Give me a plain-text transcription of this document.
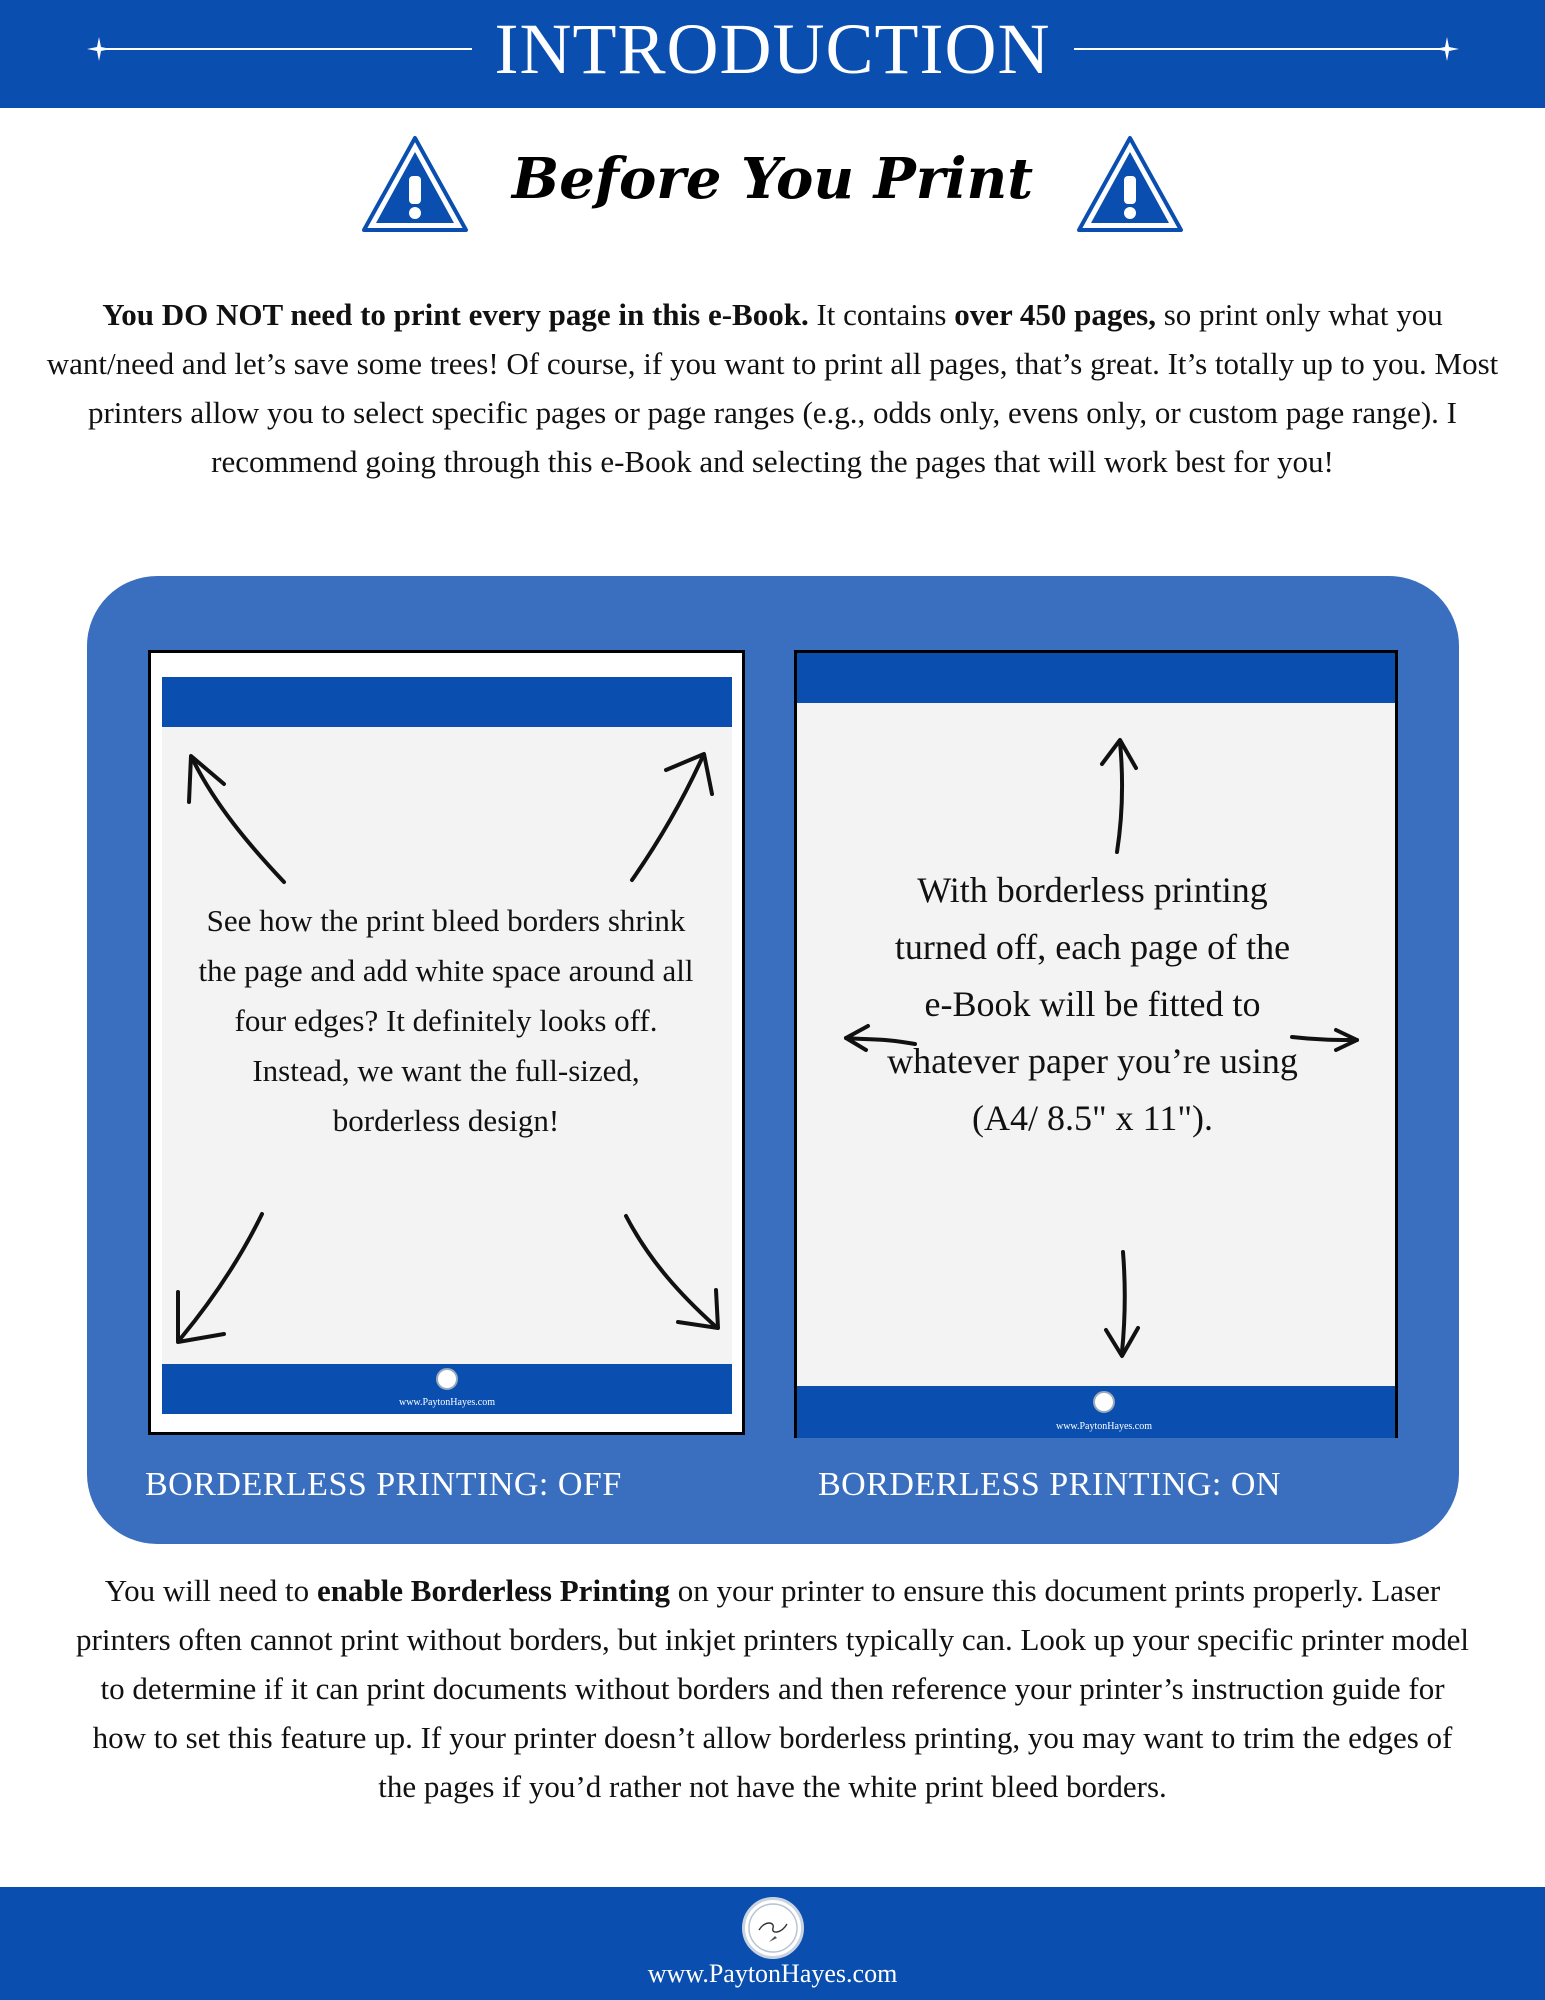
INTRODUCTION
Before You Print

You DO NOT need to print every page in this e-Book. It contains over 450 pages, so print only what you want/need and let’s save some trees! Of course, if you want to print all pages, that’s great. It’s totally up to you. Most printers allow you to select specific pages or page ranges (e.g., odds only, evens only, or custom page range). I recommend going through this e-Book and selecting the pages that will work best for you!

www.PaytonHayes.com
See how the print bleed borders shrink the page and add white space around all four edges? It definitely looks off. Instead, we want the full-sized, borderless design!
www.PaytonHayes.com
With borderless printing turned off, each page of the e-Book will be fitted to whatever paper you’re using (A4/ 8.5" x 11").
BORDERLESS PRINTING: OFF	BORDERLESS PRINTING: ON

You will need to enable Borderless Printing on your printer to ensure this document prints properly. Laser printers often cannot print without borders, but inkjet printers typically can. Look up your specific printer model to determine if it can print documents without borders and then reference your printer’s instruction guide for how to set this feature up. If your printer doesn’t allow borderless printing, you may want to trim the edges of the pages if you’d rather not have the white print bleed borders.

www.PaytonHayes.com
